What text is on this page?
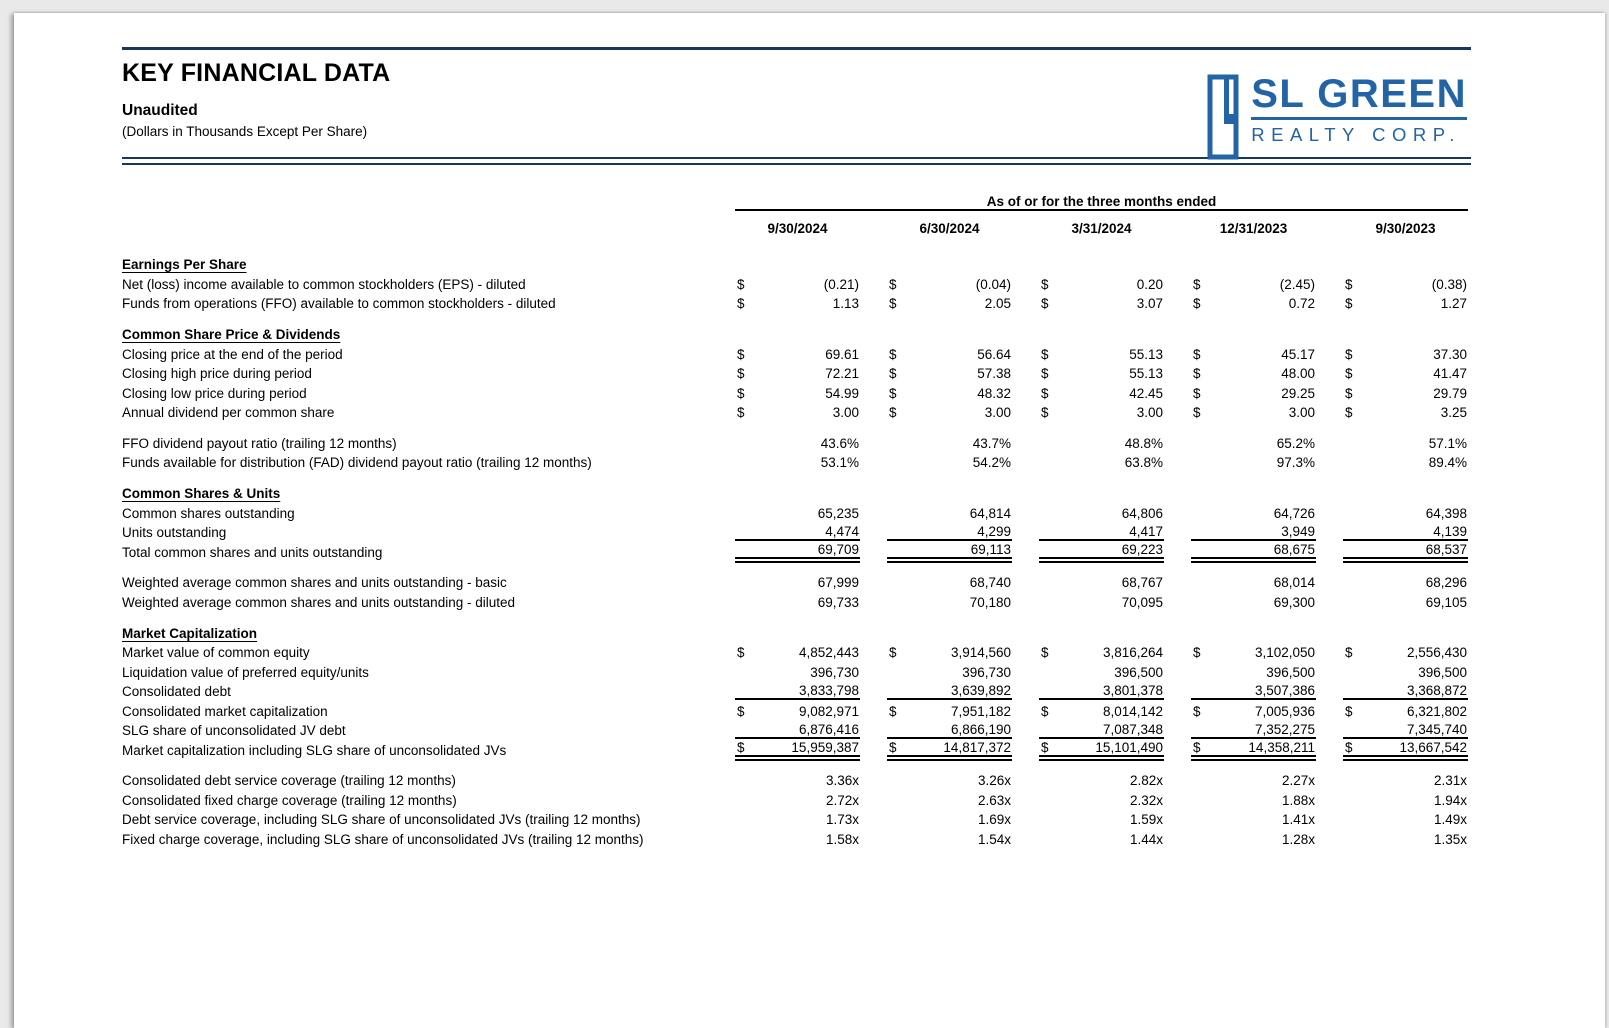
KEY FINANCIAL DATA
Unaudited
(Dollars in Thousands Except Per Share)
SL GREEN
REALTY CORP.
	As of or for the three months ended								
	9/30/2024		6/30/2024		3/31/2024		12/31/2023		9/30/2023

Earnings Per Share									
Net (loss) income available to common stockholders (EPS) - diluted	$ (0.21)		$ (0.04)		$ 0.20		$ (2.45)		$ (0.38)

Funds from operations (FFO) available to common stockholders - diluted	$ 1.13		$ 2.05		$ 3.07		$ 0.72		$ 1.27

Common Share Price & Dividends									
Closing price at the end of the period	$ 69.61		$ 56.64		$ 55.13		$ 45.17		$ 37.30

Closing high price during period	$ 72.21		$ 57.38		$ 55.13		$ 48.00		$ 41.47

Closing low price during period	$ 54.99		$ 48.32		$ 42.45		$ 29.25		$ 29.79

Annual dividend per common share	$ 3.00		$ 3.00		$ 3.00		$ 3.00		$ 3.25

FFO dividend payout ratio (trailing 12 months)	43.6%		43.7%		48.8%		65.2%		57.1%

Funds available for distribution (FAD) dividend payout ratio (trailing 12 months)	53.1%		54.2%		63.8%		97.3%		89.4%

Common Shares & Units									
Common shares outstanding	65,235		64,814		64,806		64,726		64,398

Units outstanding	4,474		4,299		4,417		3,949		4,139

Total common shares and units outstanding	69,709		69,113		69,223		68,675		68,537

Weighted average common shares and units outstanding - basic	67,999		68,740		68,767		68,014		68,296

Weighted average common shares and units outstanding - diluted	69,733		70,180		70,095		69,300		69,105

Market Capitalization									
Market value of common equity	$ 4,852,443		$ 3,914,560		$ 3,816,264		$ 3,102,050		$ 2,556,430

Liquidation value of preferred equity/units	396,730		396,730		396,500		396,500		396,500

Consolidated debt	3,833,798		3,639,892		3,801,378		3,507,386		3,368,872

Consolidated market capitalization	$ 9,082,971		$ 7,951,182		$ 8,014,142		$ 7,005,936		$ 6,321,802

SLG share of unconsolidated JV debt	6,876,416		6,866,190		7,087,348		7,352,275		7,345,740

Market capitalization including SLG share of unconsolidated JVs	$ 15,959,387		$ 14,817,372		$ 15,101,490		$ 14,358,211		$ 13,667,542

Consolidated debt service coverage (trailing 12 months)	3.36x		3.26x		2.82x		2.27x		2.31x

Consolidated fixed charge coverage (trailing 12 months)	2.72x		2.63x		2.32x		1.88x		1.94x

Debt service coverage, including SLG share of unconsolidated JVs (trailing 12 months)	1.73x		1.69x		1.59x		1.41x		1.49x

Fixed charge coverage, including SLG share of unconsolidated JVs (trailing 12 months)	1.58x		1.54x		1.44x		1.28x		1.35x
